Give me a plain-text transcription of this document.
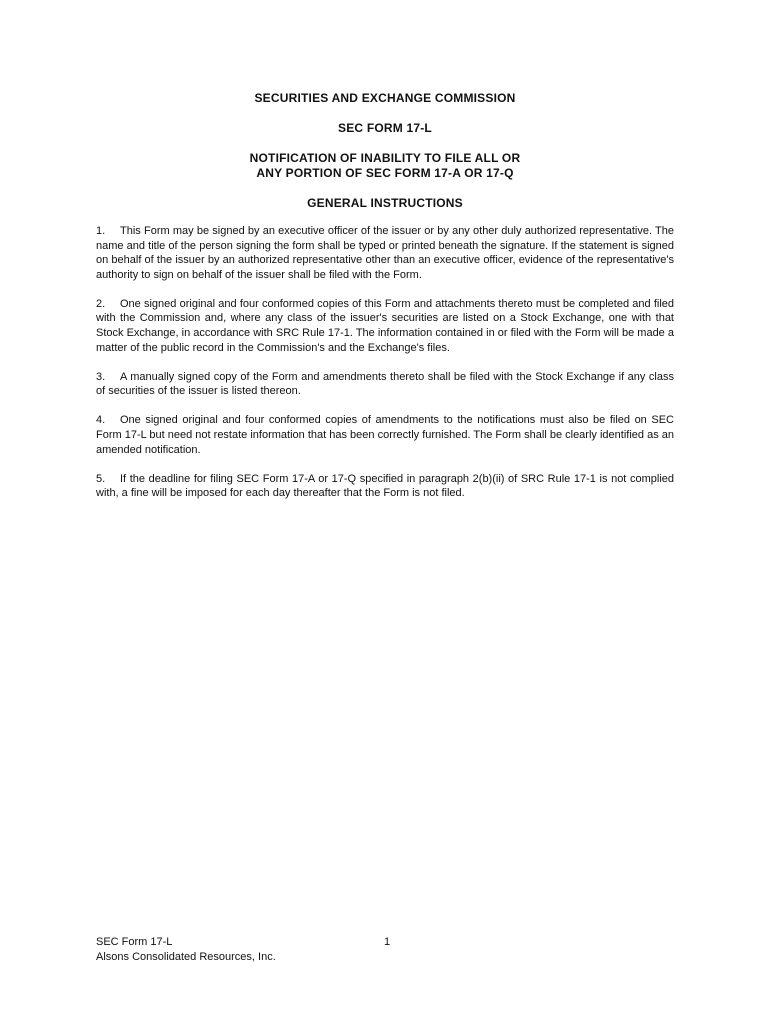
SECURITIES AND EXCHANGE COMMISSION
SEC FORM 17-L
NOTIFICATION OF INABILITY TO FILE ALL OR
ANY PORTION OF SEC FORM 17-A OR 17-Q
GENERAL INSTRUCTIONS

1. This Form may be signed by an executive officer of the issuer or by any other duly authorized representative. The name and title of the person signing the form shall be typed or printed beneath the signature. If the statement is signed on behalf of the issuer by an authorized representative other than an executive officer, evidence of the representative's authority to sign on behalf of the issuer shall be filed with the Form.

2. One signed original and four conformed copies of this Form and attachments thereto must be completed and filed with the Commission and, where any class of the issuer's securities are listed on a Stock Exchange, one with that Stock Exchange, in accordance with SRC Rule 17-1. The information contained in or filed with the Form will be made a matter of the public record in the Commission's and the Exchange's files.

3. A manually signed copy of the Form and amendments thereto shall be filed with the Stock Exchange if any class of securities of the issuer is listed thereon.

4. One signed original and four conformed copies of amendments to the notifications must also be filed on SEC Form 17-L but need not restate information that has been correctly furnished. The Form shall be clearly identified as an amended notification.

5. If the deadline for filing SEC Form 17-A or 17-Q specified in paragraph 2(b)(ii) of SRC Rule 17-1 is not complied with, a fine will be imposed for each day thereafter that the Form is not filed.

SEC Form 17-L
Alsons Consolidated Resources, Inc.
1
